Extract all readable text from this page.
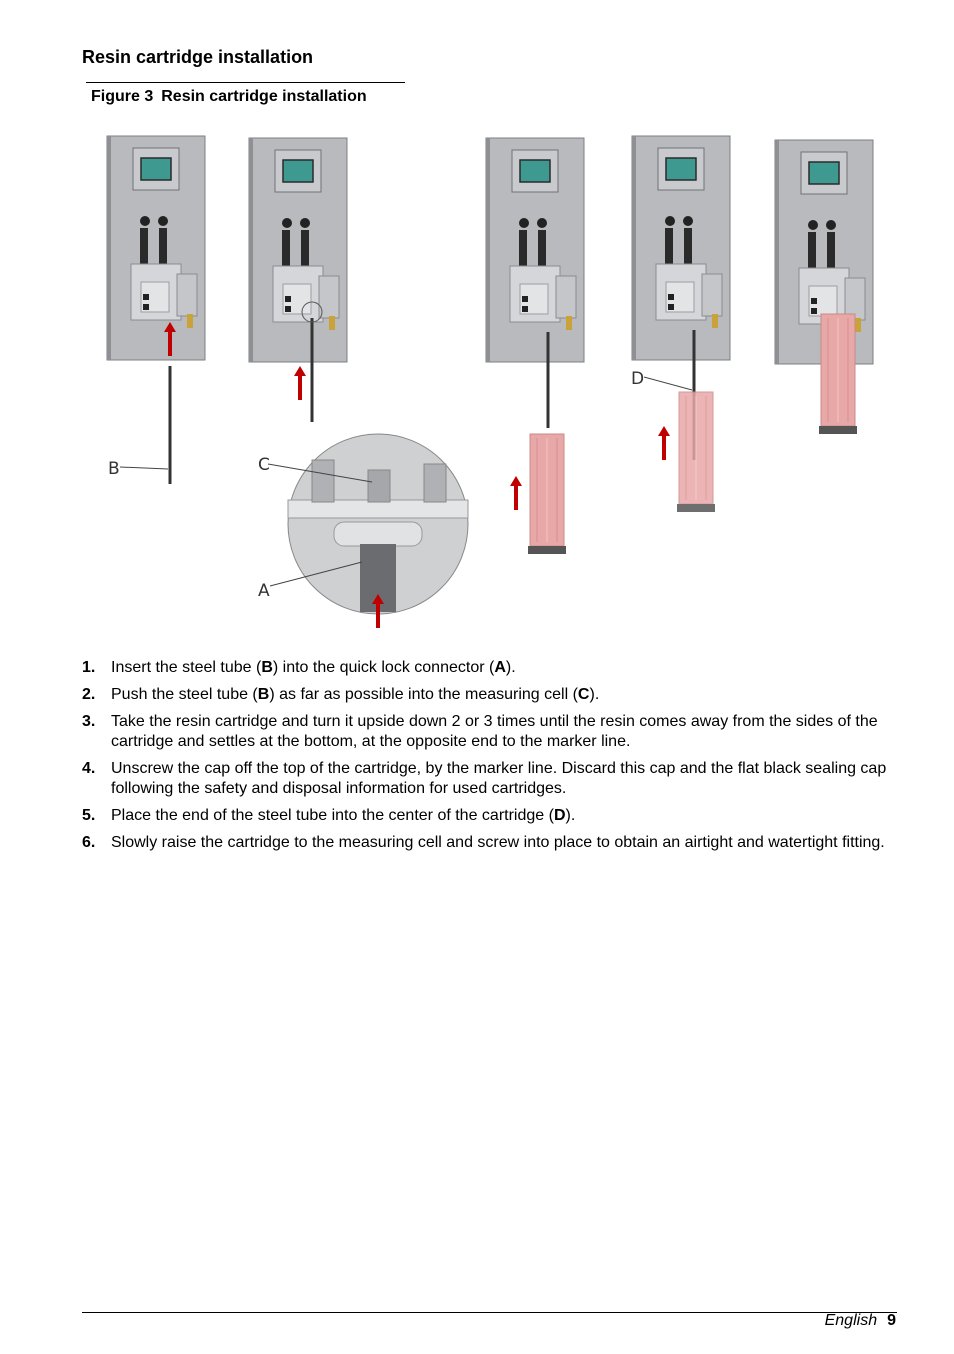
Resin cartridge installation
Figure 3 Resin cartridge installation
B	C
A
D
1. Insert the steel tube (B) into the quick lock connector (A).
2. Push the steel tube (B) as far as possible into the measuring cell (C).
3. Take the resin cartridge and turn it upside down 2 or 3 times until the resin comes away from the sides of the cartridge and settles at the bottom, at the opposite end to the marker line.
4. Unscrew the cap off the top of the cartridge, by the marker line. Discard this cap and the flat black sealing cap following the safety and disposal information for used cartridges.
5. Place the end of the steel tube into the center of the cartridge (D).
6. Slowly raise the cartridge to the measuring cell and screw into place to obtain an airtight and watertight fitting.
English 9
